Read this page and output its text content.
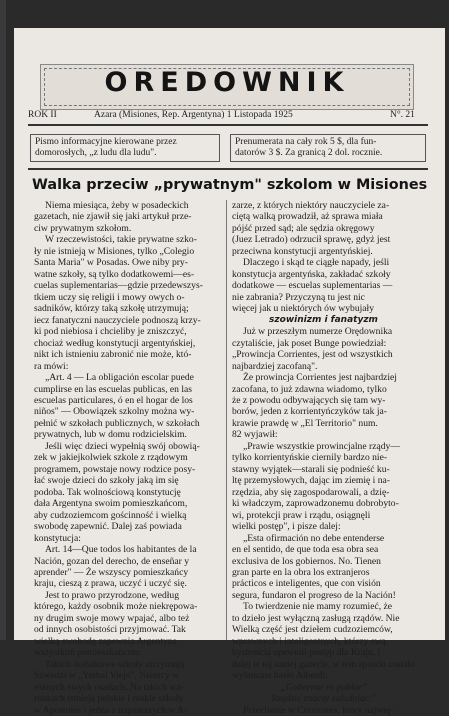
OREDOWNIK
ROK II	Azara (Misiones, Rep. Argentyna) 1 Listopada 1925	N°. 21
Pismo informacyjne kierowane przez
domorosłych, „z ludu dla ludu".
Prenumerata na cały rok 5 $, dla fun-
datorów 3 $. Za granicą 2 dol. rocznie.
Walka przeciw „prywatnym" szkolom w Misiones
Niema miesiąca, żeby w posadeckich
gazetach, nie zjawił się jaki artykuł prze-
ciw prywatnym szkołom.
W rzeczewistości, takie prywatne szko-
ły nie istnieją w Misiones, tylko „Colegio
Santa Maria" w Posadas. Owe niby pry-
watne szkoły, są tylko dodatkowemi—es-
cuelas suplementarias—gdzie przedewszys-
tkiem uczy się religii i mowy owych o-
sadników, którzy taką szkołę utrzymują;
iecz fanatyczni nauczyciele podnoszą krzy-
ki pod niebiosa i chcieliby je zniszczyć,
chociaż według konstytucji argentyńskiej,
nikt ich istnieniu zabronić nie może, któ-
ra mówi:
„Art. 4 — La obligación escolar puede
cumplirse en las escuelas publicas, en las
escuelas particulares, ó en el hogar de los
niños" — Obowiązek szkolny można wy-
pełnić w szkołach publicznych, w szkołach
prywatnych, lub w domu rodzicielskim.
Jeśli więc dzieci wypełnią swój obowią-
zek w jakiejkolwiek szkole z rządowym
programem, powstaje nowy rodzice posy-
łać swoje dzieci do szkoły jaką im się
podoba. Tak wolnościową konstytucję
dała Argentyna swoim pomieszkańcom,
aby cudzoziemcom gościnność i wielką
swobodę zapewnić. Dalej zaś powiada
konstytucja:
Art. 14—Que todos los habitantes de la
Nación, gozan del derecho, de enseñar y
aprender" — Że wszyscy pomieszkańcy
kraju, cieszą z prawa, uczyć i uczyć się.
Jest to prawo przyrodzone, według
którego, każdy osobnik może niekrępowa-
ny drugim swoje mowy wpajać, albo też
od innych osobistości przyjmować. Tak
wielką swobodę zapewnia Argentyna
wszystkim pomieszkańcom.
Takich dodatkowe szkoły utrzymują
Szwedzi w „Yerbal Viejo", Niemcy w
różnych swych osadach. Na takich wa-
runkach istnieją polskie i ruskie szkoły
w Apostoles i jedna z najstarszych w A-
zarze, z których niektóry nauczyciele za-
ciętą walką prowadził, aż sprawa miała
pójść przed sąd; ale sędzia okręgowy
(Juez Letrado) odrzucił sprawę, gdyż jest
przeciwna konstytucji argentyńskiej.
Dlaczego i skąd te ciągłe napady, jeśli
konstytucja argentyńska, zakładać szkoły
dodatkowe — escuelas suplementarias —
nie zabrania? Przyczyną tu jest nic
więcej jak u niektórych ów wybujały
szowinizm i fanatyzm
Już w przeszłym numerze Orędownika
czytaliście, jak poset Bunge powiedział:
„Prowincja Corrientes, jest od wszystkich
najbardziej zacofaną".
Że prowincja Corrientes jest najbardziej
zacofana, to już zdawna wiadomo, tylko
że z powodu odbywających się tam wy-
borów, jeden z korrientyńczyków tak ja-
krawie prawdę w „El Territorio" num.
82 wyjawił:
„Prawie wszystkie prowincjalne rządy—
tylko korrientyńskie ciernily bardzo nie-
stawny wyjątek—starali się podnieść ku-
ltę przemysłowych, dając im ziemię i na-
rzędzia, aby się zagospodarowali, a dzię-
ki władczym, zaprowadzonemu dobrobyto-
wi, protekcji praw i rządu, osiągnęli
wielki postęp", i pisze dalej:
„Esta ofirmación no debe entenderse
en el sentido, de que toda esa obra sea
exclusiva de los gobiernos. No. Tienen
gran parte en la obra los extranjeros
prácticos e inteligentes, que con visión
segura, fundaron el progreso de la Nación!
To twierdzenie nie mamy rozumieć, że
to dzieło jest wyłączną zasługą rządów. Nie
Wielką część jest dziełem cudzoziemców,
wprawnych i inteligentnych, którzy swą
bystrością upewnili postęp dla Kraju, i
dalej w tej samej gazecie, w tem sposób zostało
wykonane hasło Alberdi:
„Gobernar es poblar"
Rządzić znaczy zaludniać."
Przeciwnie w Corrientes, który najwię-
